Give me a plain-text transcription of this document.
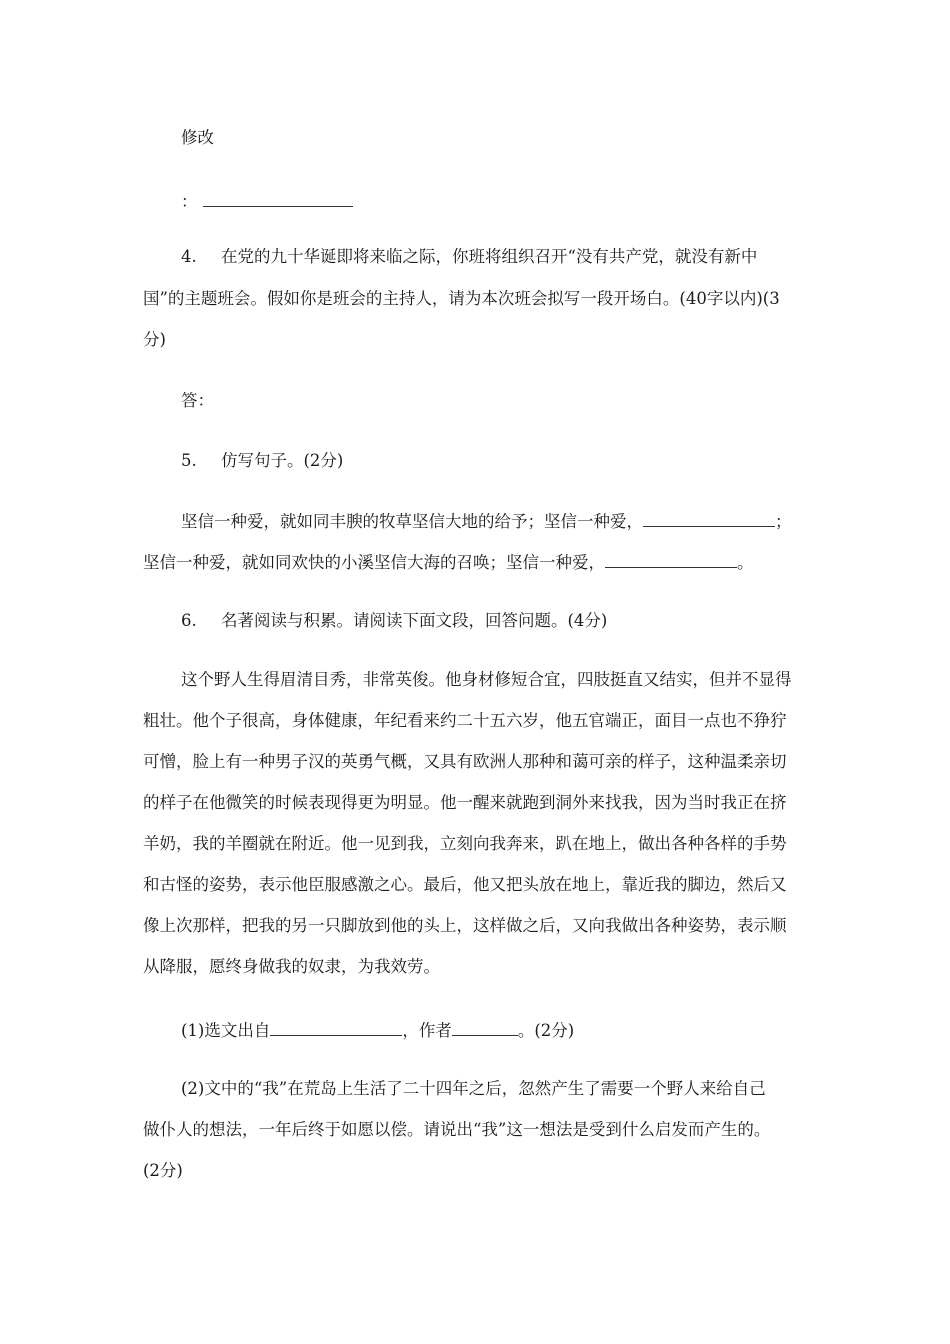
修改
：
4. 在党的九十华诞即将来临之际，你班将组织召开“没有共产党，就没有新中
国”的主题班会。假如你是班会的主持人，请为本次班会拟写一段开场白。(40字以内)(3
分)
答：
5. 仿写句子。(2分)
坚信一种爱，就如同丰腴的牧草坚信大地的给予；坚信一种爱，	；
坚信一种爱，就如同欢快的小溪坚信大海的召唤；坚信一种爱，	。
6. 名著阅读与积累。请阅读下面文段，回答问题。(4分)
这个野人生得眉清目秀，非常英俊。他身材修短合宜，四肢挺直又结实，但并不显得
粗壮。他个子很高，身体健康，年纪看来约二十五六岁，他五官端正，面目一点也不狰狞
可憎，脸上有一种男子汉的英勇气概，又具有欧洲人那种和蔼可亲的样子，这种温柔亲切
的样子在他微笑的时候表现得更为明显。他一醒来就跑到洞外来找我，因为当时我正在挤
羊奶，我的羊圈就在附近。他一见到我，立刻向我奔来，趴在地上，做出各种各样的手势
和古怪的姿势，表示他臣服感激之心。最后，他又把头放在地上，靠近我的脚边，然后又
像上次那样，把我的另一只脚放到他的头上，这样做之后，又向我做出各种姿势，表示顺
从降服，愿终身做我的奴隶，为我效劳。
(1)选文出自	，作者	。(2分)
(2)文中的“我”在荒岛上生活了二十四年之后，忽然产生了需要一个野人来给自己
做仆人的想法，一年后终于如愿以偿。请说出“我”这一想法是受到什么启发而产生的。
(2分)
